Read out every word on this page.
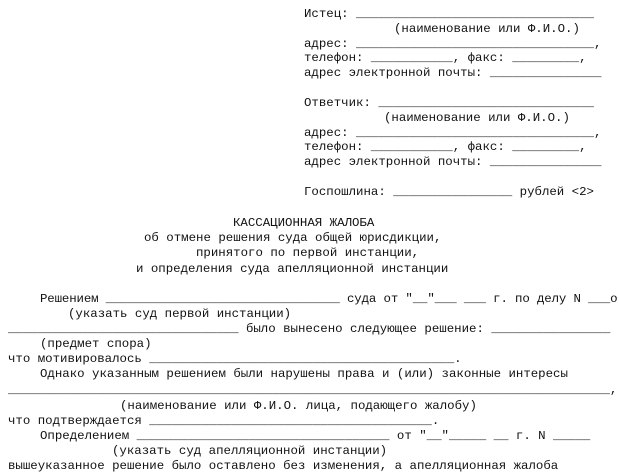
Истец: ________________________________
(наименование или Ф.И.О.)
адрес: ________________________________,
телефон: ___________, факс: _________,
адрес электронной почты: _______________
Ответчик: _____________________________
(наименование или Ф.И.О.)
адрес: ________________________________,
телефон: ___________, факс: _________,
адрес электронной почты: _______________
Госпошлина: ________________ рублей <2>
КАССАЦИОННАЯ ЖАЛОБА
об отмене решения суда общей юрисдикции,
принятого по первой инстанции,
и определения суда апелляционной инстанции
Решением ________________________________ суда от "__"___ ___ г. по делу N ___о
(указать суд первой инстанции)
_______________________________ было вынесено следующее решение: ________________
(предмет спора)
что мотивировалось _________________________________________.
Однако указанным решением были нарушены права и (или) законные интересы
__________________________________________________________________________________,
(наименование или Ф.И.О. лица, подающего жалобу)
что подтверждается ______________________________________.
Определением __________________________________ от "__"_____ __ г. N _____
(указать суд апелляционной инстанции)
вышеуказанное решение было оставлено без изменения, а апелляционная жалоба
